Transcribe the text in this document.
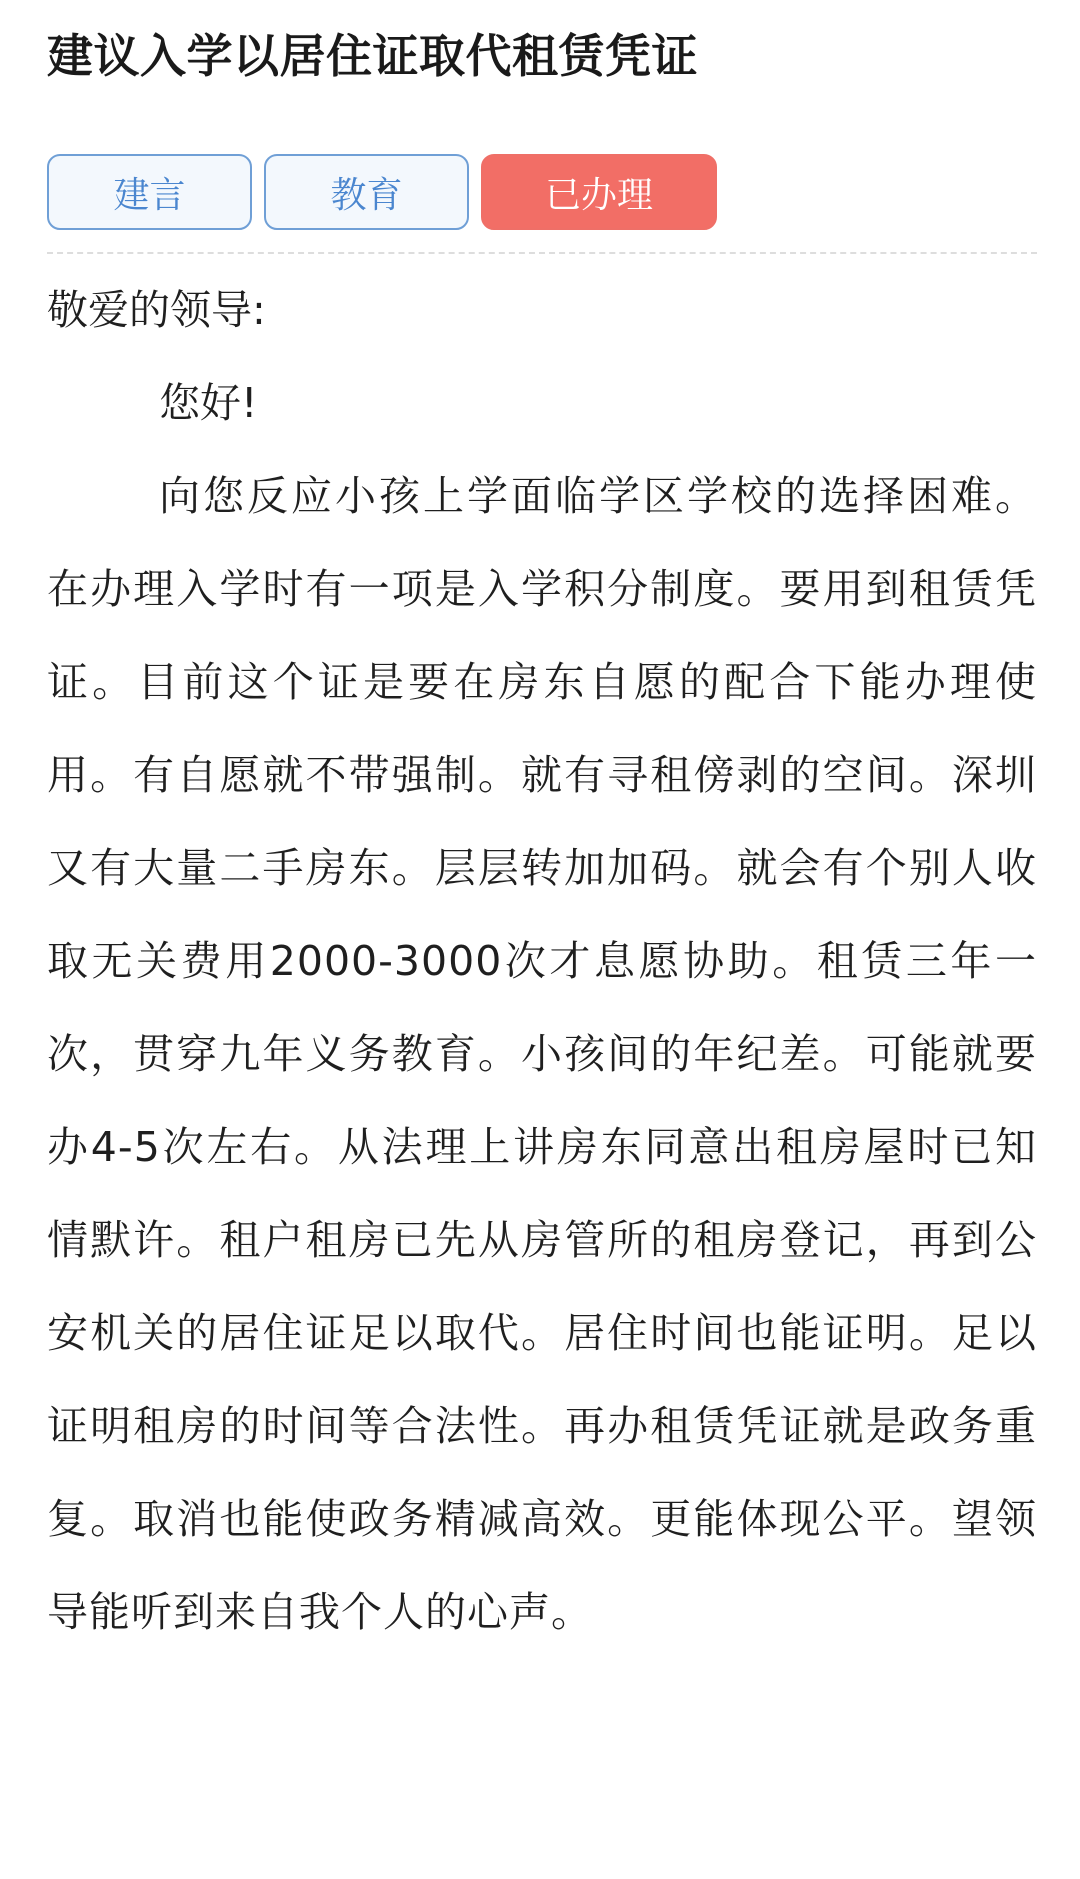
建议入学以居住证取代租赁凭证
建言	教育	已办理

敬爱的领导:

您好!

向您反应小孩上学面临学区学校的选择困难。在办理入学时有一项是入学积分制度。要用到租赁凭证。目前这个证是要在房东自愿的配合下能办理使用。有自愿就不带强制。就有寻租傍剥的空间。深圳又有大量二手房东。层层转加加码。就会有个别人收取无关费用2000-3000次才息愿协助。租赁三年一次，贯穿九年义务教育。小孩间的年纪差。可能就要办4-5次左右。从法理上讲房东同意出租房屋时已知情默许。租户租房已先从房管所的租房登记，再到公安机关的居住证足以取代。居住时间也能证明。足以证明租房的时间等合法性。再办租赁凭证就是政务重复。取消也能使政务精减高效。更能体现公平。望领导能听到来自我个人的心声。
